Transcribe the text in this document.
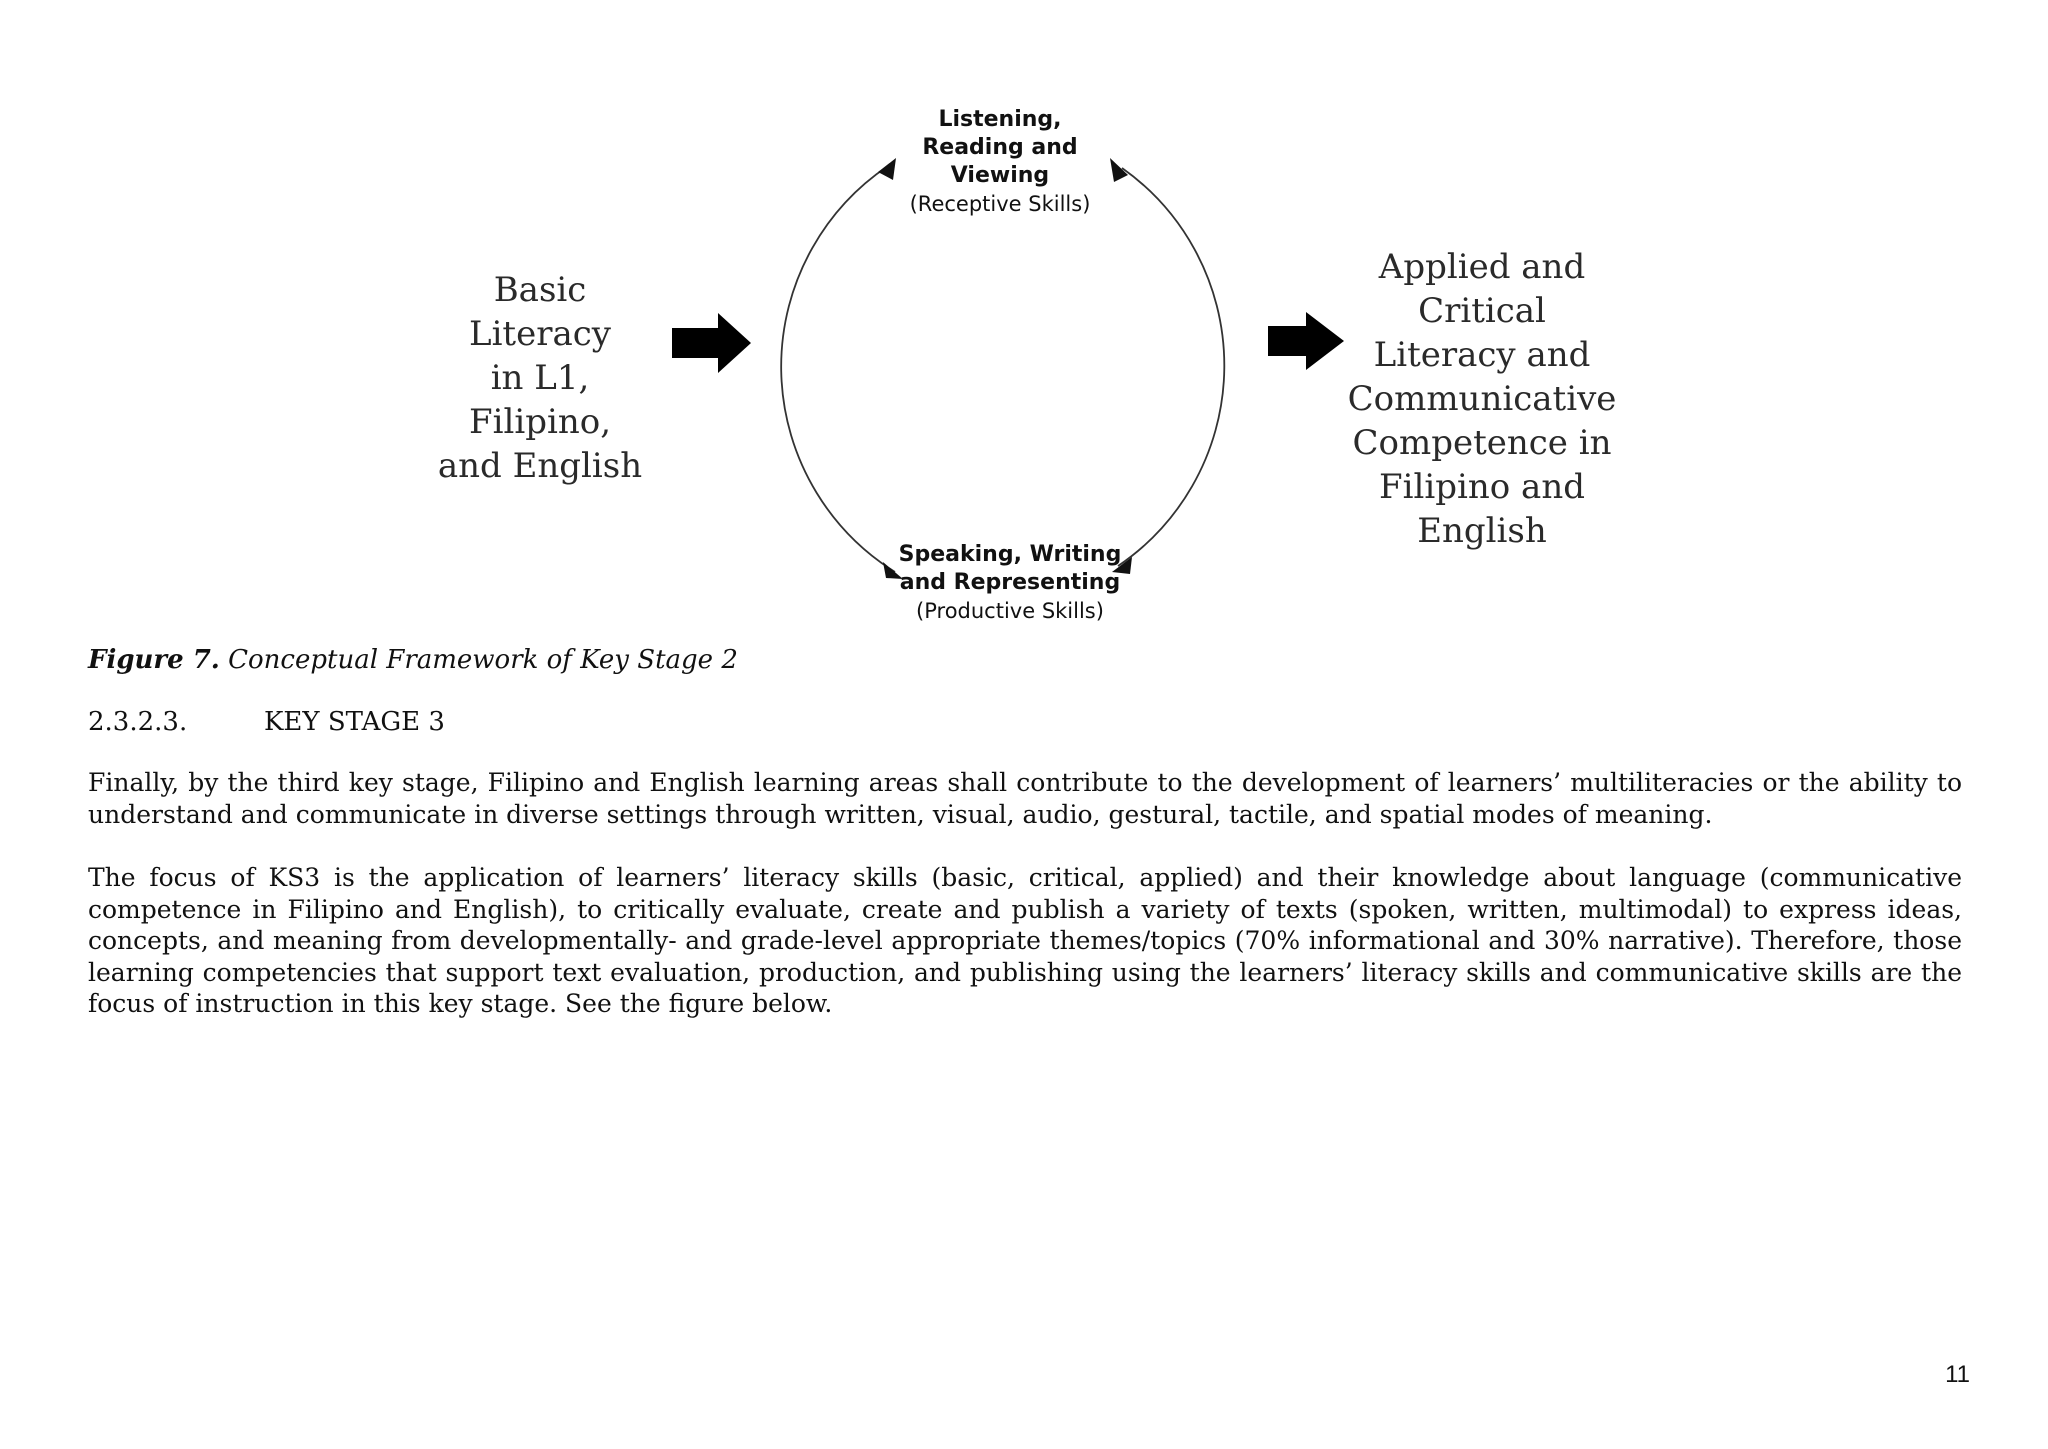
Listening,
Reading and
Viewing
(Receptive Skills)
Speaking, Writing
and Representing
(Productive Skills)
Basic Literacy
in L1, Filipino,
and English
Applied and Critical
Literacy and
Communicative
Competence in
Filipino and English
Figure 7. Conceptual Framework of Key Stage 2
2.3.2.3.	KEY STAGE 3

Finally, by the third key stage, Filipino and English learning areas shall contribute to the development of learners’ multiliteracies or the ability to understand and communicate in diverse settings through written, visual, audio, gestural, tactile, and spatial modes of meaning.

The focus of KS3 is the application of learners’ literacy skills (basic, critical, applied) and their knowledge about language (communicative competence in Filipino and English), to critically evaluate, create and publish a variety of texts (spoken, written, multimodal) to express ideas, concepts, and meaning from developmentally- and grade-level appropriate themes/topics (70% informational and 30% narrative). Therefore, those learning competencies that support text evaluation, production, and publishing using the learners’ literacy skills and communicative skills are the focus of instruction in this key stage. See the figure below.

11
